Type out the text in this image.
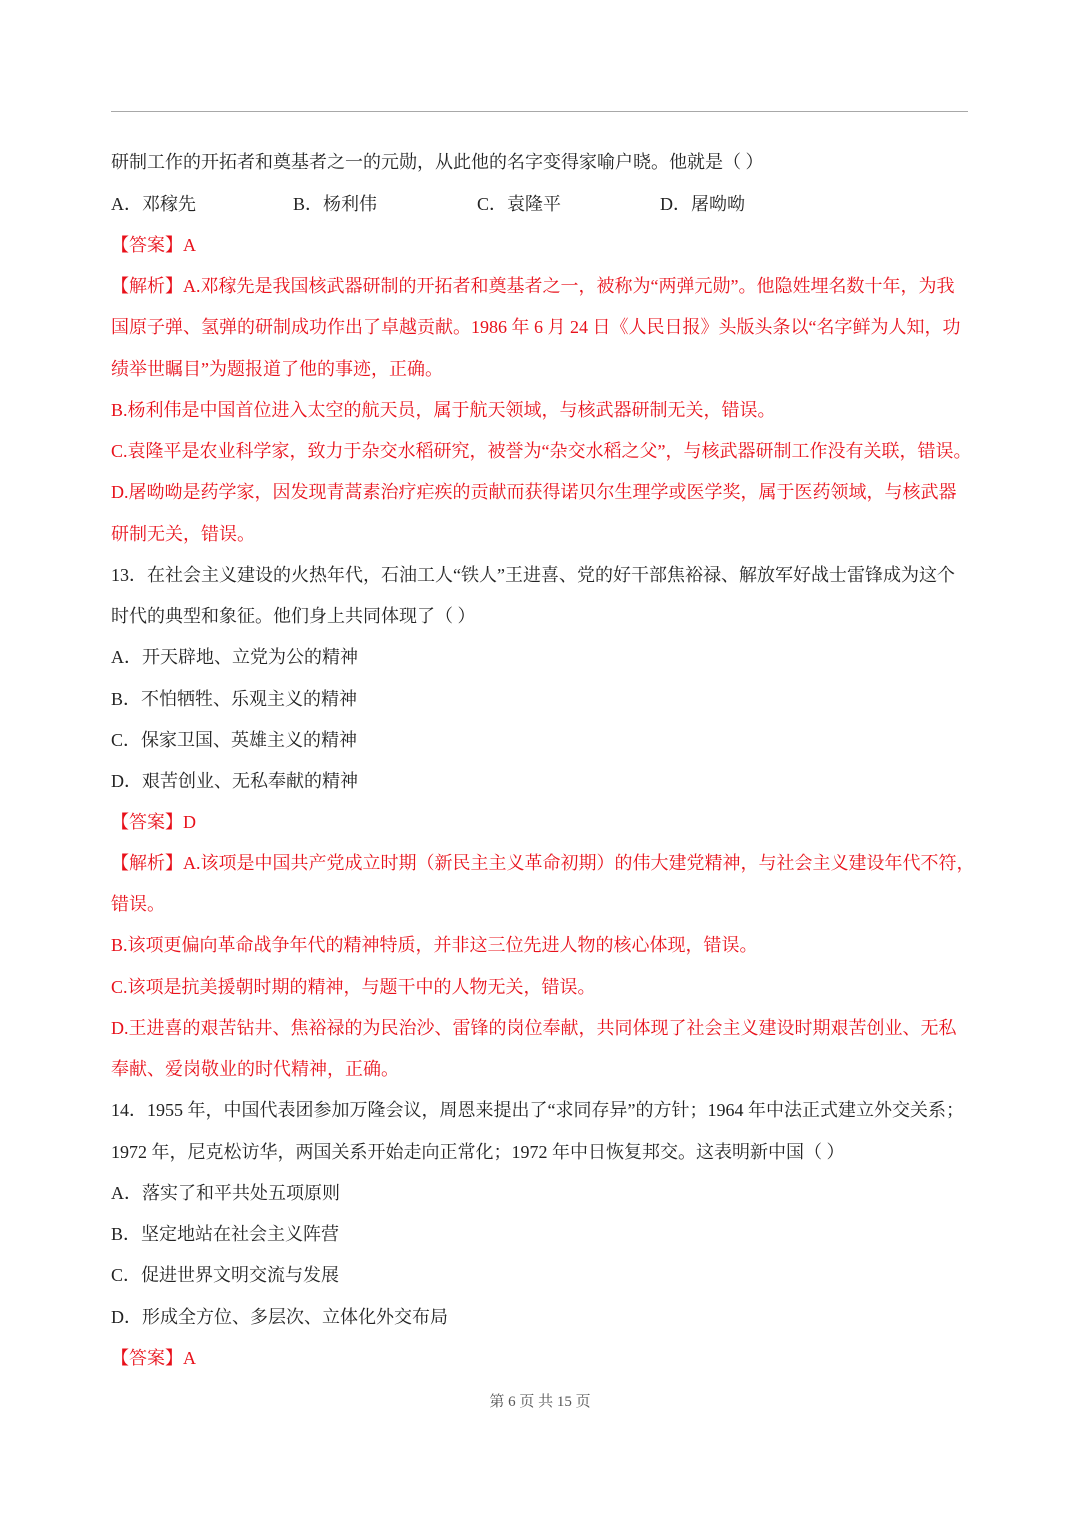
研制工作的开拓者和奠基者之一的元勋，从此他的名字变得家喻户晓。他就是（ ）
A．邓稼先	B．杨利伟	C．袁隆平	D．屠呦呦
【答案】A
【解析】A.邓稼先是我国核武器研制的开拓者和奠基者之一，被称为“两弹元勋”。他隐姓埋名数十年，为我
国原子弹、氢弹的研制成功作出了卓越贡献。1986 年 6 月 24 日《人民日报》头版头条以“名字鲜为人知，功
绩举世瞩目”为题报道了他的事迹，正确。
B.杨利伟是中国首位进入太空的航天员，属于航天领域，与核武器研制无关，错误。
C.袁隆平是农业科学家，致力于杂交水稻研究，被誉为“杂交水稻之父”，与核武器研制工作没有关联，错误。
D.屠呦呦是药学家，因发现青蒿素治疗疟疾的贡献而获得诺贝尔生理学或医学奖，属于医药领域，与核武器
研制无关，错误。
13．在社会主义建设的火热年代，石油工人“铁人”王进喜、党的好干部焦裕禄、解放军好战士雷锋成为这个
时代的典型和象征。他们身上共同体现了（ ）
A．开天辟地、立党为公的精神
B．不怕牺牲、乐观主义的精神
C．保家卫国、英雄主义的精神
D．艰苦创业、无私奉献的精神
【答案】D
【解析】A.该项是中国共产党成立时期（新民主主义革命初期）的伟大建党精神，与社会主义建设年代不符，
错误。
B.该项更偏向革命战争年代的精神特质，并非这三位先进人物的核心体现，错误。
C.该项是抗美援朝时期的精神，与题干中的人物无关，错误。
D.王进喜的艰苦钻井、焦裕禄的为民治沙、雷锋的岗位奉献，共同体现了社会主义建设时期艰苦创业、无私
奉献、爱岗敬业的时代精神，正确。
14．1955 年，中国代表团参加万隆会议，周恩来提出了“求同存异”的方针；1964 年中法正式建立外交关系；
1972 年，尼克松访华，两国关系开始走向正常化；1972 年中日恢复邦交。这表明新中国（ ）
A．落实了和平共处五项原则
B．坚定地站在社会主义阵营
C．促进世界文明交流与发展
D．形成全方位、多层次、立体化外交布局
【答案】A
第 6 页 共 15 页
